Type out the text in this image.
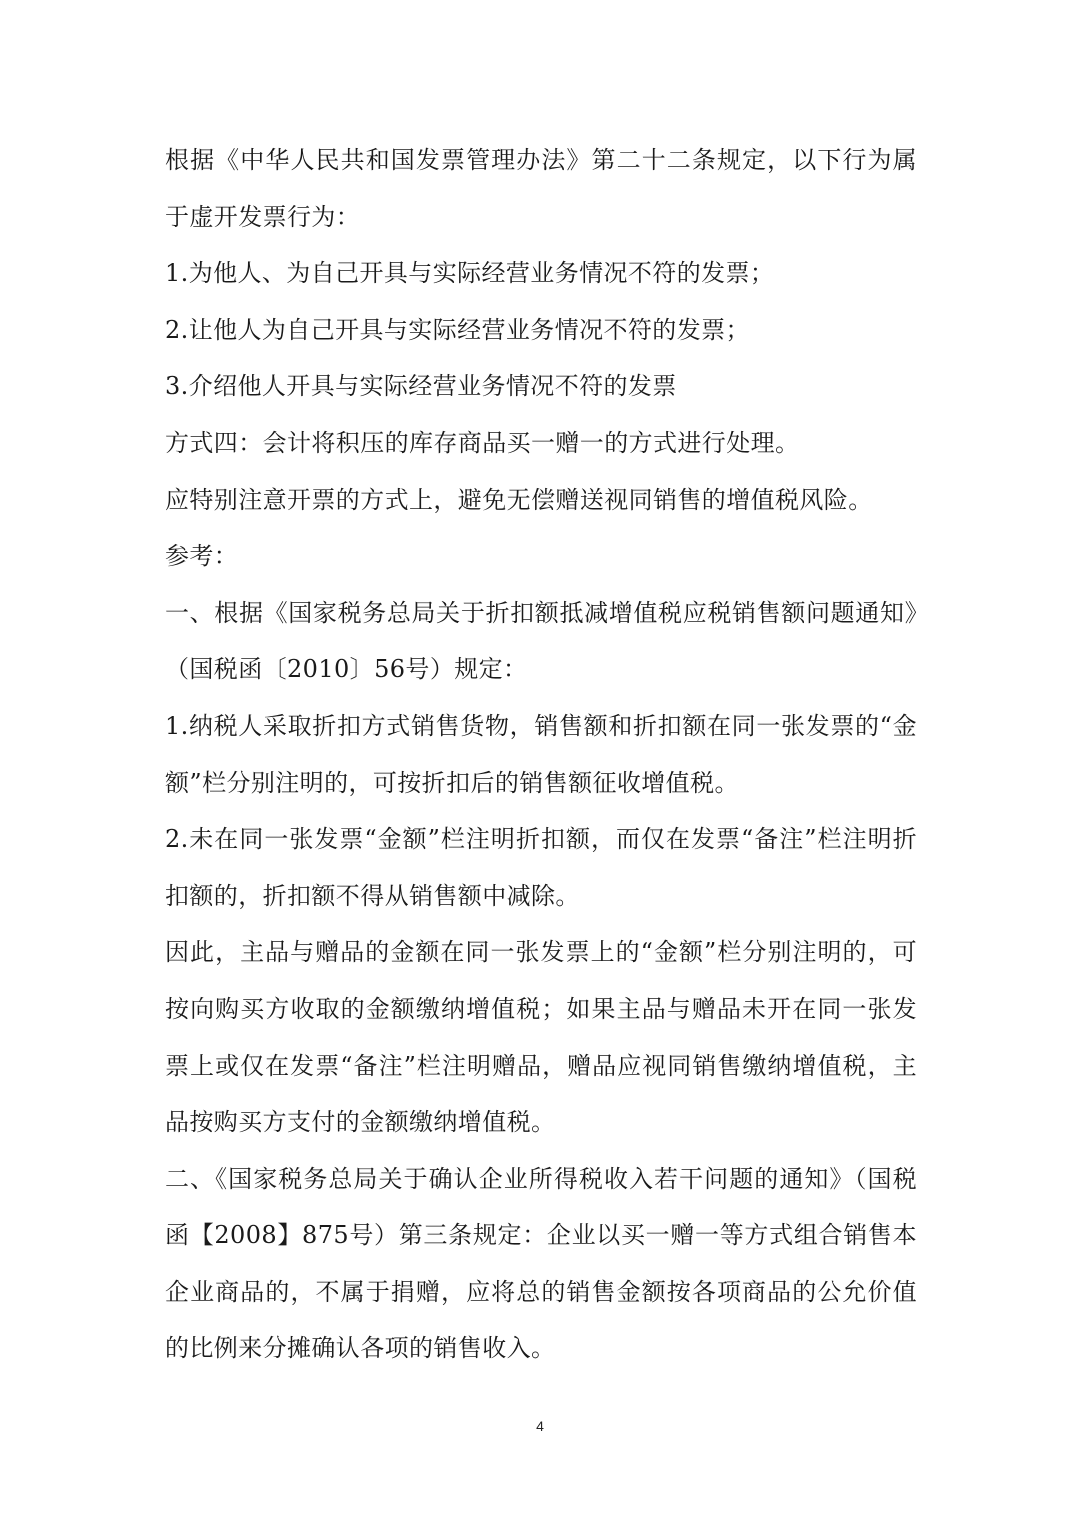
根据《中华人民共和国发票管理办法》第二十二条规定，以下行为属于虚开发票行为：

1.为他人、为自己开具与实际经营业务情况不符的发票；

2.让他人为自己开具与实际经营业务情况不符的发票；

3.介绍他人开具与实际经营业务情况不符的发票

方式四：会计将积压的库存商品买一赠一的方式进行处理。

应特别注意开票的方式上，避免无偿赠送视同销售的增值税风险。

参考：

一、根据《国家税务总局关于折扣额抵减增值税应税销售额问题通知》（国税函〔2010〕56号）规定：

1.纳税人采取折扣方式销售货物，销售额和折扣额在同一张发票的“金额”栏分别注明的，可按折扣后的销售额征收增值税。

2.未在同一张发票“金额”栏注明折扣额，而仅在发票“备注”栏注明折扣额的，折扣额不得从销售额中减除。

因此，主品与赠品的金额在同一张发票上的“金额”栏分别注明的，可按向购买方收取的金额缴纳增值税；如果主品与赠品未开在同一张发票上或仅在发票“备注”栏注明赠品，赠品应视同销售缴纳增值税，主品按购买方支付的金额缴纳增值税。

二、《国家税务总局关于确认企业所得税收入若干问题的通知》（国税函【2008】875号）第三条规定：企业以买一赠一等方式组合销售本企业商品的，不属于捐赠，应将总的销售金额按各项商品的公允价值的比例来分摊确认各项的销售收入。

4
